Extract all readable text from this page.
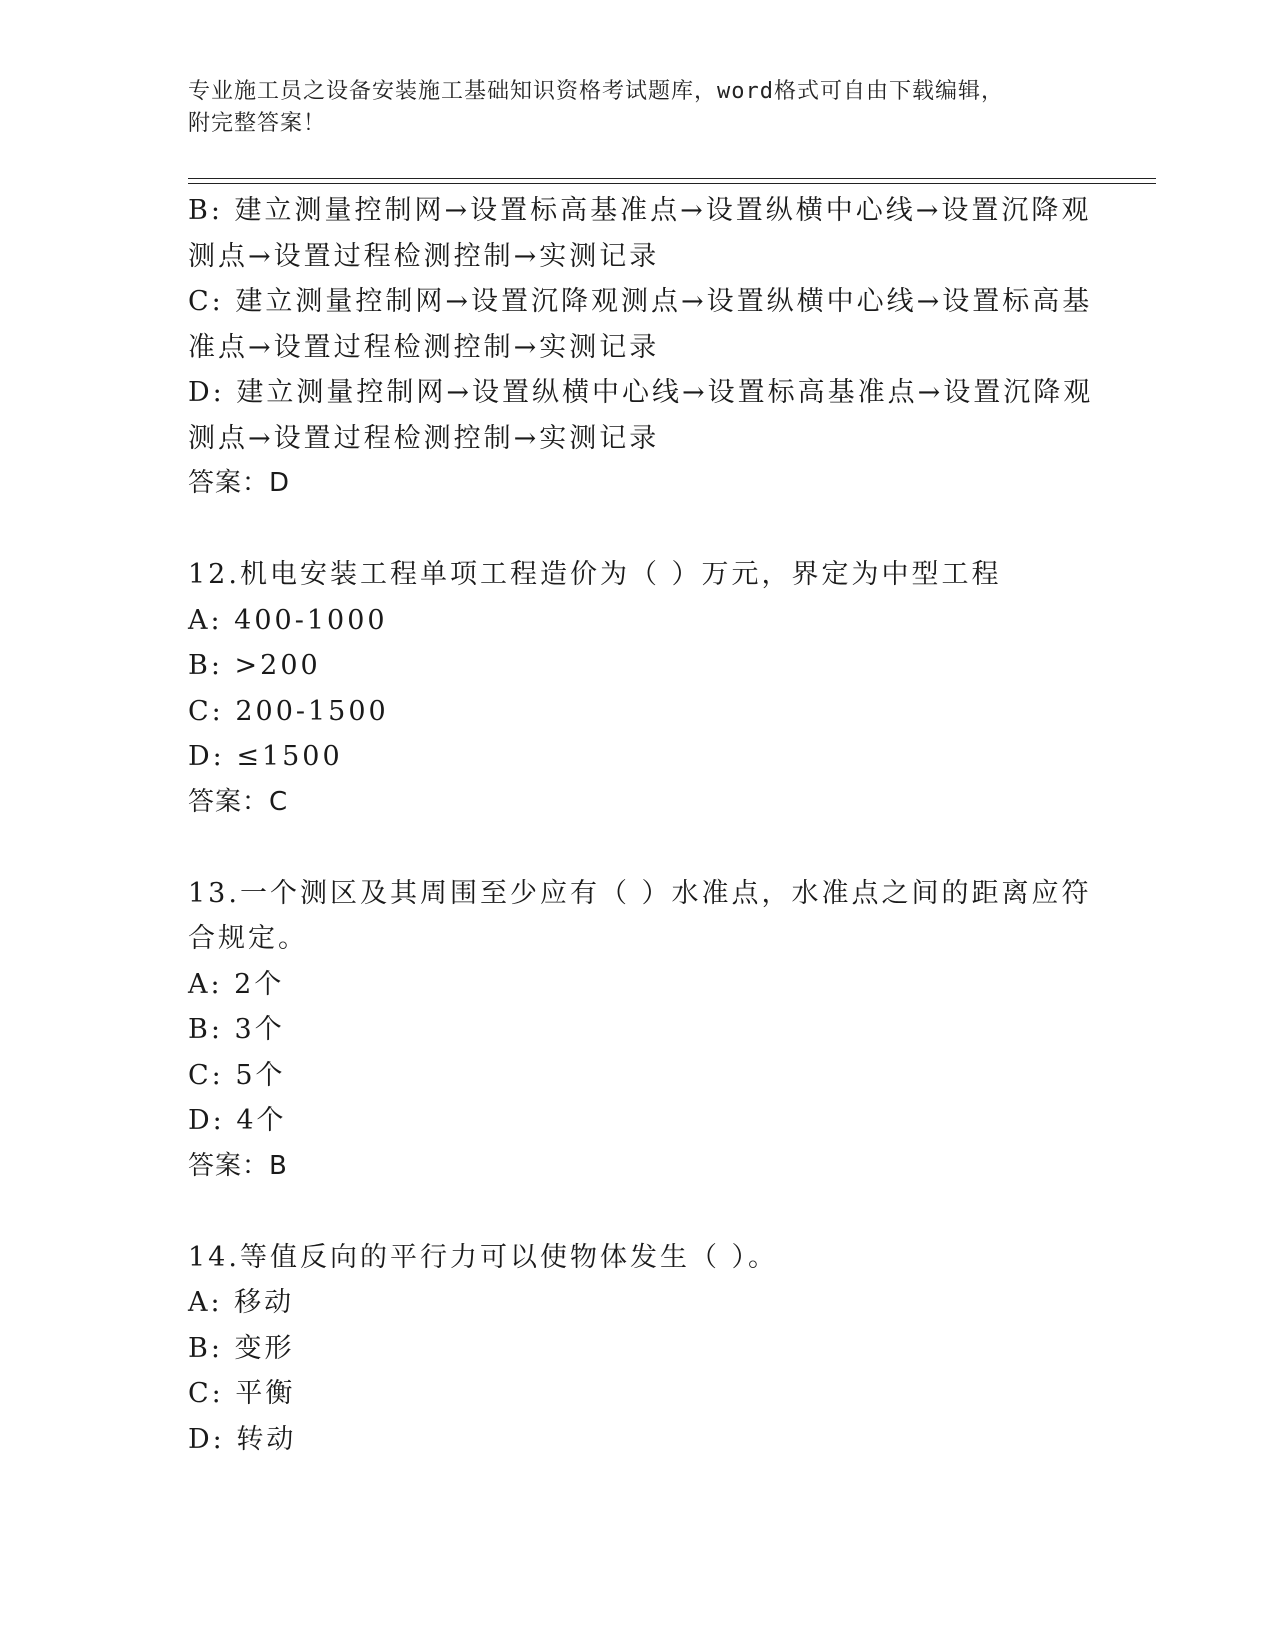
专业施工员之设备安装施工基础知识资格考试题库，word格式可自由下载编辑，
附完整答案！
B: 建立测量控制网→设置标高基准点→设置纵横中心线→设置沉降观
测点→设置过程检测控制→实测记录
C: 建立测量控制网→设置沉降观测点→设置纵横中心线→设置标高基
准点→设置过程检测控制→实测记录
D: 建立测量控制网→设置纵横中心线→设置标高基准点→设置沉降观
测点→设置过程检测控制→实测记录
答案：D
12.机电安装工程单项工程造价为（ ）万元，界定为中型工程
A: 400-1000
B: >200
C: 200-1500
D: ≤1500
答案：C
13.一个测区及其周围至少应有（ ）水准点，水准点之间的距离应符
合规定。
A: 2个
B: 3个
C: 5个
D: 4个
答案：B
14.等值反向的平行力可以使物体发生（ ）。
A: 移动
B: 变形
C: 平衡
D: 转动
